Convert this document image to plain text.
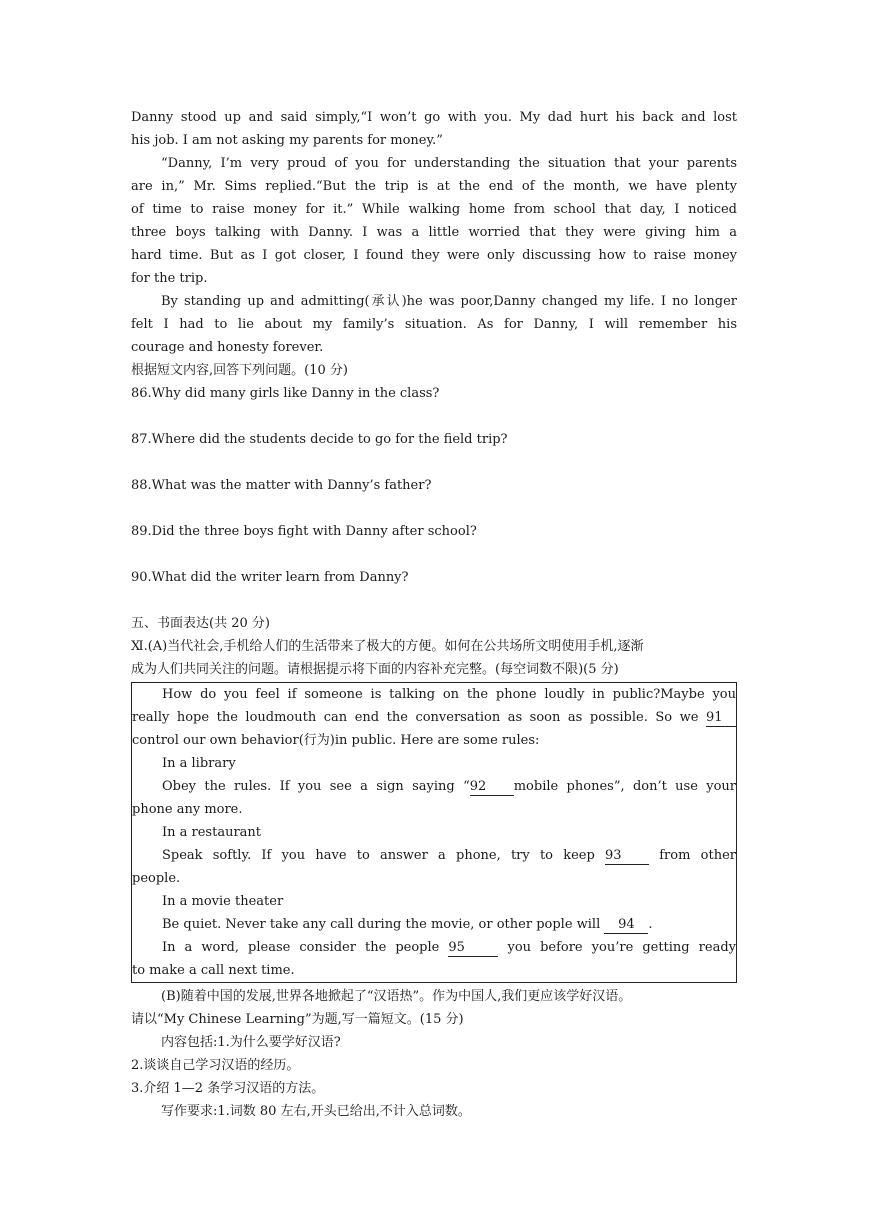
Danny stood up and said simply,“I won’t go with you. My dad hurt his back and lost
his job. I am not asking my parents for money.”
“Danny, I’m very proud of you for understanding the situation that your parents
are in,” Mr. Sims replied.“But the trip is at the end of the month, we have plenty
of time to raise money for it.” While walking home from school that day, I noticed
three boys talking with Danny. I was a little worried that they were giving him a
hard time. But as I got closer, I found they were only discussing how to raise money
for the trip.
By standing up and admitting(承认)he was poor,Danny changed my life. I no longer
felt I had to lie about my family’s situation. As for Danny, I will remember his
courage and honesty forever.
根据短文内容,回答下列问题。(10 分)
86.Why did many girls like Danny in the class?
87.Where did the students decide to go for the field trip?
88.What was the matter with Danny’s father?
89.Did the three boys fight with Danny after school?
90.What did the writer learn from Danny?
五、书面表达(共 20 分)
Ⅺ.(A)当代社会,手机给人们的生活带来了极大的方便。如何在公共场所文明使用手机,逐渐
成为人们共同关注的问题。请根据提示将下面的内容补充完整。(每空词数不限)(5 分)
How do you feel if someone is talking on the phone loudly in public?Maybe you
really hope the loudmouth can end the conversation as soon as possible. So we 91
control our own behavior(行为)in public. Here are some rules:
In a library
Obey the rules. If you see a sign saying “92 mobile phones”, don’t use your
phone any more.
In a restaurant
Speak softly. If you have to answer a phone, try to keep 93	from other
people.
In a movie theater
Be quiet. Never take any call during the movie, or other pople will 94 .
In a word, please consider the people 95	you before you’re getting ready
to make a call next time.
(B)随着中国的发展,世界各地掀起了“汉语热”。作为中国人,我们更应该学好汉语。
请以“My Chinese Learning”为题,写一篇短文。(15 分)
内容包括:1.为什么要学好汉语?
2.谈谈自己学习汉语的经历。
3.介绍 1—2 条学习汉语的方法。
写作要求:1.词数 80 左右,开头已给出,不计入总词数。
